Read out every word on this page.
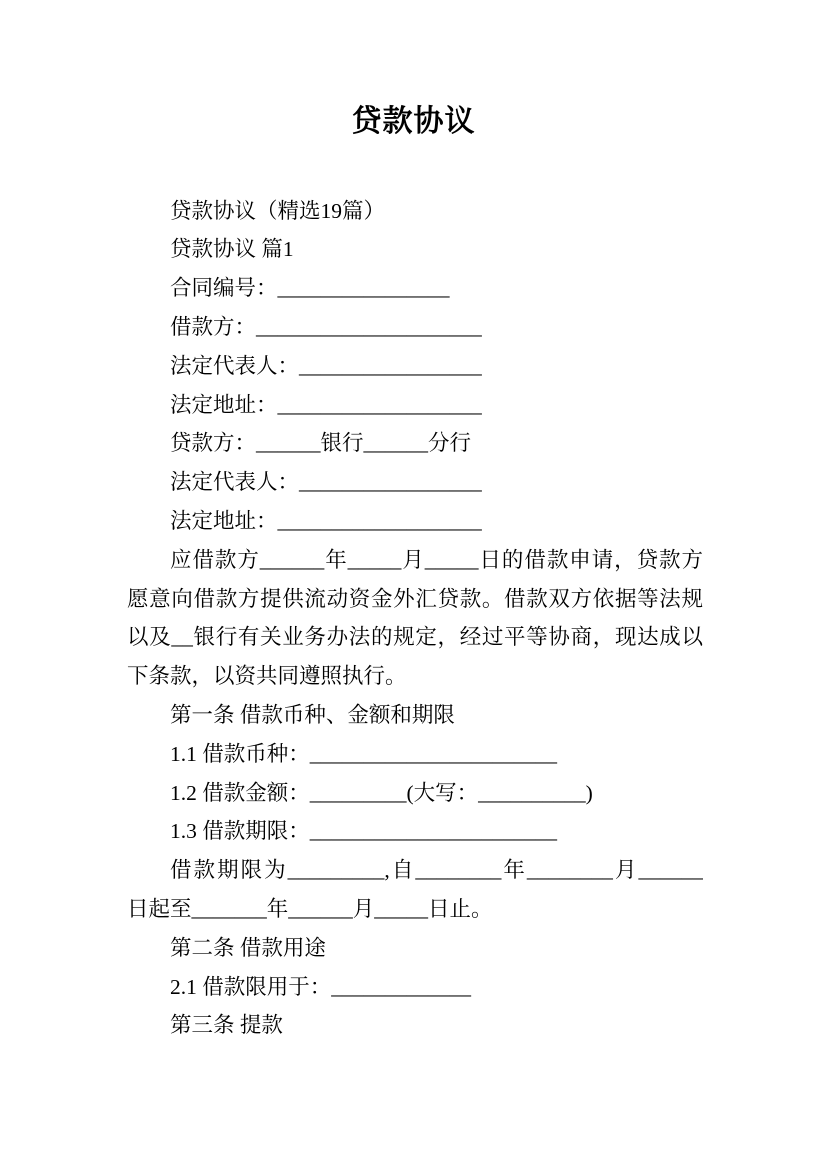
贷款协议
贷款协议（精选19篇）
贷款协议 篇1
合同编号：________________
借款方：_____________________
法定代表人：_________________
法定地址：___________________
贷款方：______银行______分行
法定代表人：_________________
法定地址：___________________
应借款方______年_____月_____日的借款申请，贷款方
愿意向借款方提供流动资金外汇贷款。借款双方依据等法规
以及__银行有关业务办法的规定，经过平等协商，现达成以
下条款，以资共同遵照执行。
第一条 借款币种、金额和期限
1.1 借款币种：_______________________
1.2 借款金额：_________(大写：__________)
1.3 借款期限：_______________________
借款期限为_________,自________年________月______
日起至_______年______月_____日止。
第二条 借款用途
2.1 借款限用于：_____________
第三条 提款
